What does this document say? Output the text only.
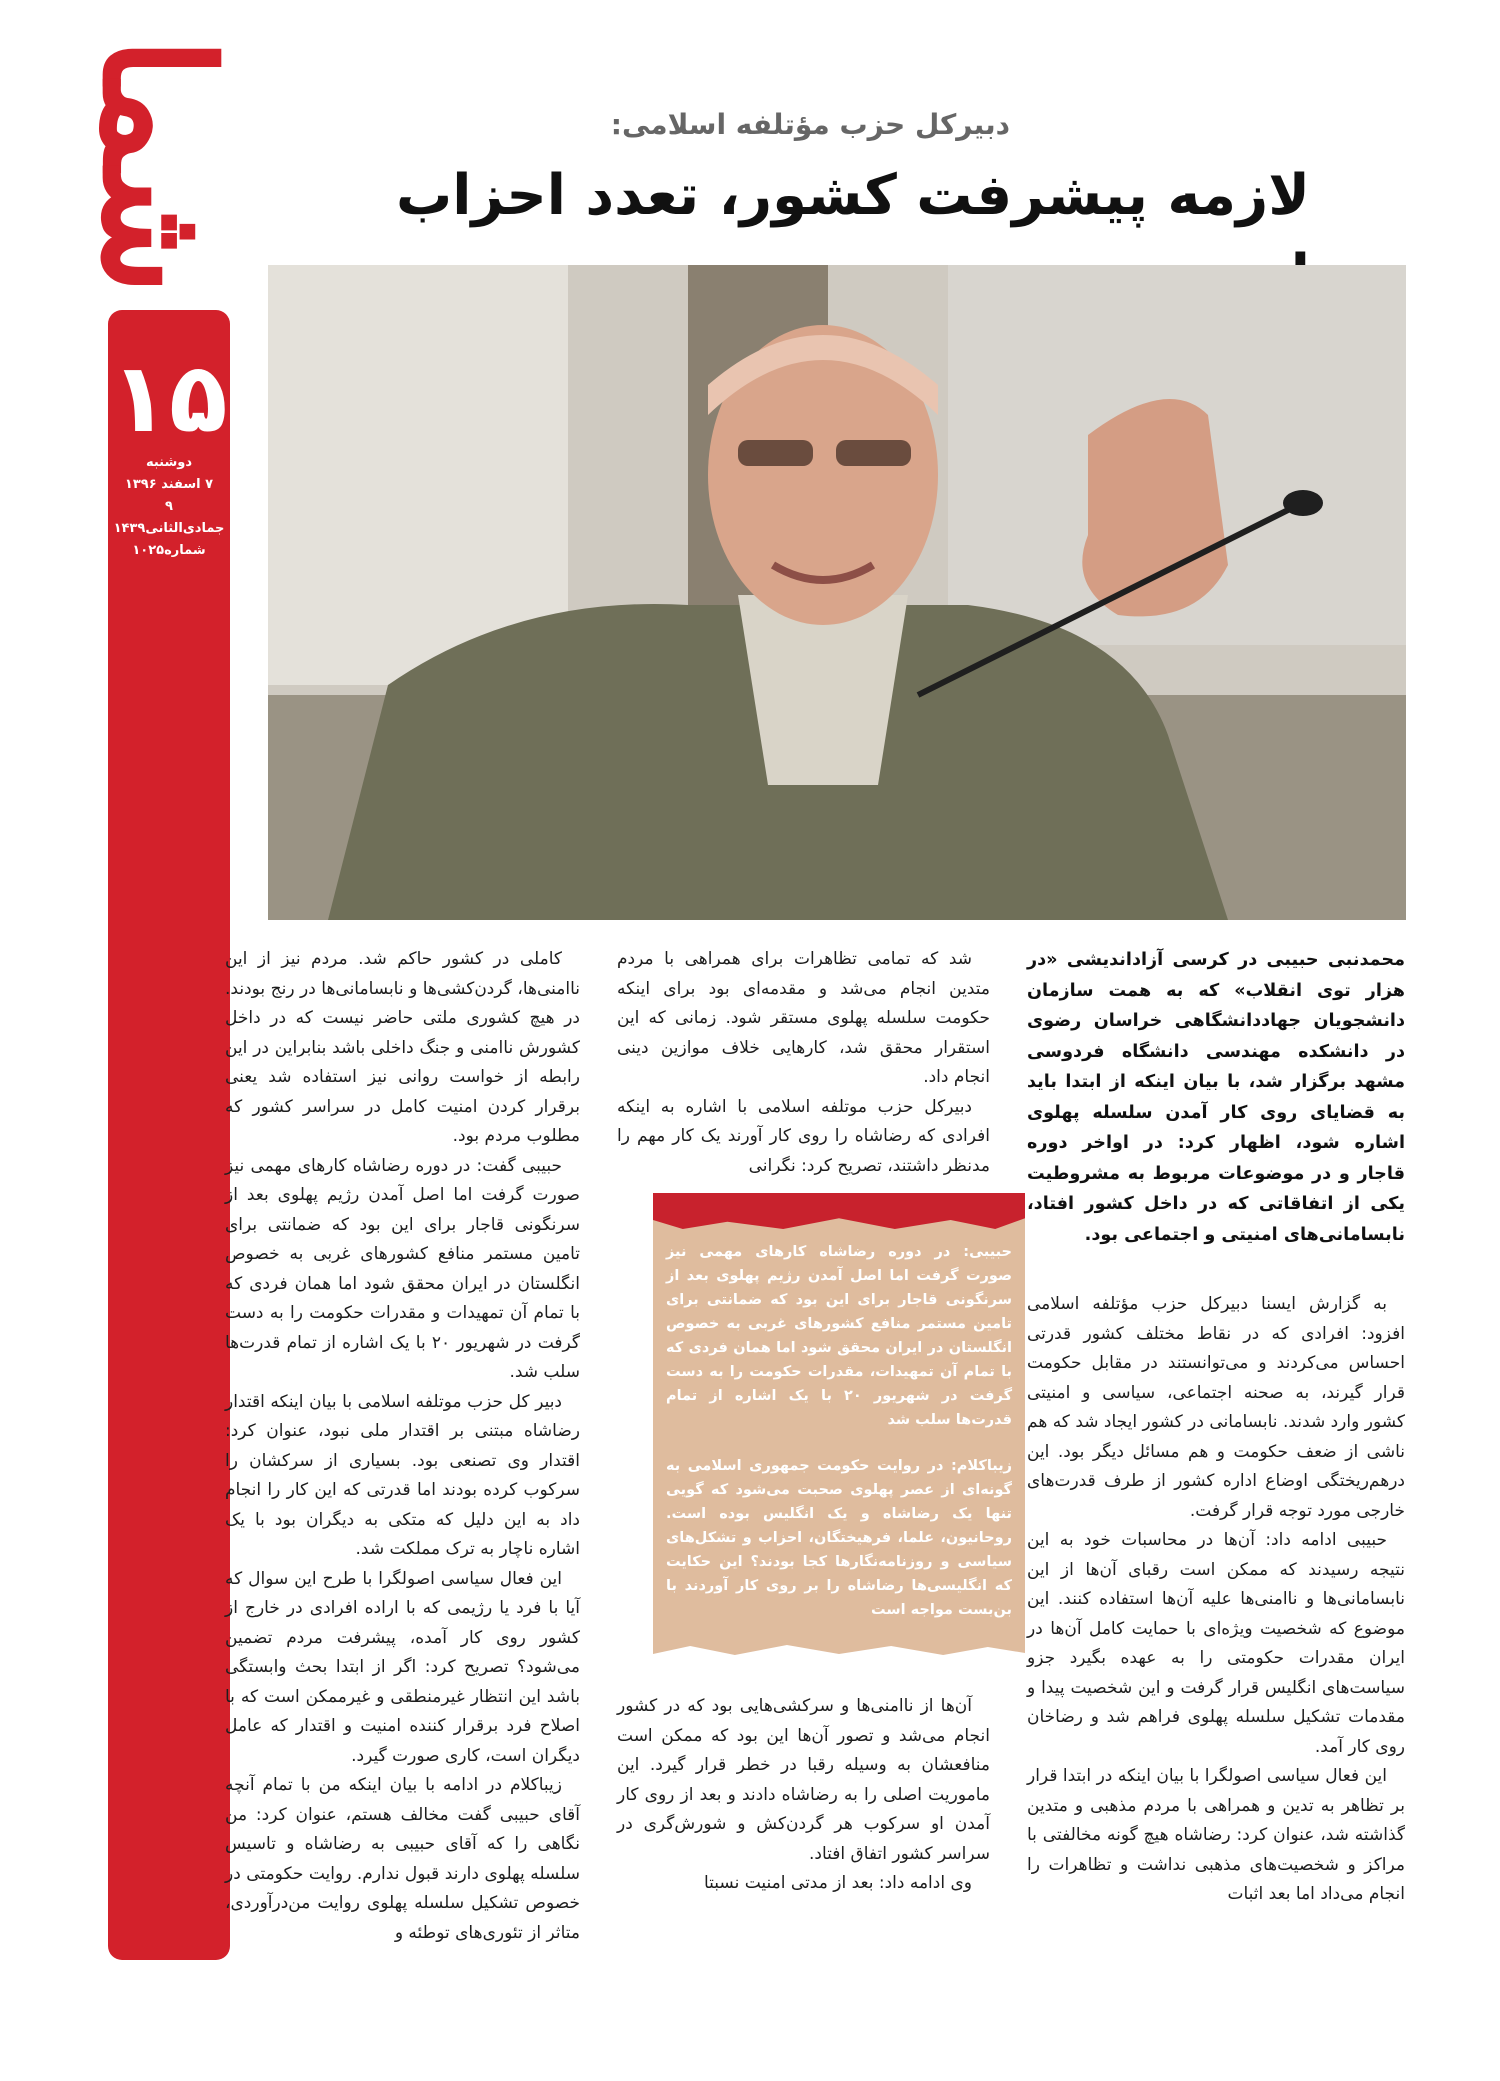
شما
۱۵
دوشنبه
۷ اسفند ۱۳۹۶
۹ جمادی‌الثانی۱۴۳۹
شماره۱۰۲۵
دبیرکل حزب مؤتلفه اسلامی:
لازمه پیشرفت کشور، تعدد احزاب

محمدنبی حبیبی در کرسی آزاداندیشی «در هزار توی انقلاب» که به همت سازمان دانشجویان جهاددانشگاهی خراسان رضوی در دانشکده مهندسی دانشگاه فردوسی مشهد برگزار شد، با بیان اینکه از ابتدا باید به قضایای روی کار آمدن سلسله پهلوی اشاره شود، اظهار کرد: در اواخر دوره قاجار و در موضوعات مربوط به مشروطیت یکی از اتفاقاتی که در داخل کشور افتاد، نابسامانی‌های امنیتی و اجتماعی بود.

به گزارش ایسنا دبیرکل حزب مؤتلفه اسلامی افزود: افرادی که در نقاط مختلف کشور قدرتی احساس می‌کردند و می‌توانستند در مقابل حکومت قرار گیرند، به صحنه اجتماعی، سیاسی و امنیتی کشور وارد شدند. نابسامانی در کشور ایجاد شد که هم ناشی از ضعف حکومت و هم مسائل دیگر بود. این درهم‌ریختگی اوضاع اداره کشور از طرف قدرت‌های خارجی مورد توجه قرار گرفت.

حبیبی ادامه داد: آن‌ها در محاسبات خود به این نتیجه رسیدند که ممکن است رقبای آن‌ها از این نابسامانی‌ها و ناامنی‌ها علیه آن‌ها استفاده کنند. این موضوع که شخصیت ویژه‌ای با حمایت کامل آن‌ها در ایران مقدرات حکومتی را به عهده بگیرد جزو سیاست‌های انگلیس قرار گرفت و این شخصیت پیدا و مقدمات تشکیل سلسله پهلوی فراهم شد و رضاخان روی کار آمد.

این فعال سیاسی اصولگرا با بیان اینکه در ابتدا قرار بر تظاهر به تدین و همراهی با مردم مذهبی و متدین گذاشته شد، عنوان کرد: رضاشاه هیچ گونه مخالفتی با مراکز و شخصیت‌های مذهبی نداشت و تظاهرات را انجام می‌داد اما بعد اثبات

شد که تمامی تظاهرات برای همراهی با مردم متدین انجام می‌شد و مقدمه‌ای بود برای اینکه حکومت سلسله پهلوی مستقر شود. زمانی که این استقرار محقق شد، کارهایی خلاف موازین دینی انجام داد.

دبیرکل حزب موتلفه اسلامی با اشاره به اینکه افرادی که رضاشاه را روی کار آورند یک کار مهم را مدنظر داشتند، تصریح کرد: نگرانی

حبیبی: در دوره رضاشاه کارهای مهمی نیز صورت گرفت اما اصل آمدن رژیم پهلوی بعد از سرنگونی قاجار برای این بود که ضمانتی برای تامین مستمر منافع کشورهای غربی به خصوص انگلستان در ایران محقق شود اما همان فردی که با تمام آن تمهیدات، مقدرات حکومت را به دست گرفت در شهریور ۲۰ با یک اشاره از تمام قدرت‌ها سلب شد

زیباکلام: در روایت حکومت جمهوری اسلامی به گونه‌ای از عصر پهلوی صحبت می‌شود که گویی تنها یک رضاشاه و یک انگلیس بوده است. روحانیون، علما، فرهیختگان، احزاب و تشکل‌های سیاسی و روزنامه‌نگارها کجا بودند؟ این حکایت که انگلیسی‌ها رضاشاه را بر روی کار آوردند با بن‌بست مواجه است

آن‌ها از ناامنی‌ها و سرکشی‌هایی بود که در کشور انجام می‌شد و تصور آن‌ها این بود که ممکن است منافعشان به وسیله رقبا در خطر قرار گیرد. این ماموریت اصلی را به رضاشاه دادند و بعد از روی کار آمدن او سرکوب هر گردن‌کش و شورش‌گری در سراسر کشور اتفاق افتاد.

وی ادامه داد: بعد از مدتی امنیت نسبتا

کاملی در کشور حاکم شد. مردم نیز از این ناامنی‌ها، گردن‌کشی‌ها و نابسامانی‌ها در رنج بودند. در هیچ کشوری ملتی حاضر نیست که در داخل کشورش ناامنی و جنگ داخلی باشد بنابراین در این رابطه از خواست روانی نیز استفاده شد یعنی برقرار کردن امنیت کامل در سراسر کشور که مطلوب مردم بود.

حبیبی گفت: در دوره رضاشاه کارهای مهمی نیز صورت گرفت اما اصل آمدن رژیم پهلوی بعد از سرنگونی قاجار برای این بود که ضمانتی برای تامین مستمر منافع کشورهای غربی به خصوص انگلستان در ایران محقق شود اما همان فردی که با تمام آن تمهیدات و مقدرات حکومت را به دست گرفت در شهریور ۲۰ با یک اشاره از تمام قدرت‌ها سلب شد.

دبیر کل حزب موتلفه اسلامی با بیان اینکه اقتدار رضاشاه مبتنی بر اقتدار ملی نبود، عنوان کرد: اقتدار وی تصنعی بود. بسیاری از سرکشان را سرکوب کرده بودند اما قدرتی که این کار را انجام داد به این دلیل که متکی به دیگران بود با یک اشاره ناچار به ترک مملکت شد.

این فعال سیاسی اصولگرا با طرح این سوال که آیا با فرد یا رژیمی که با اراده افرادی در خارج از کشور روی کار آمده، پیشرفت مردم تضمین می‌شود؟ تصریح کرد: اگر از ابتدا بحث وابستگی باشد این انتظار غیرمنطقی و غیرممکن است که با اصلاح فرد برقرار کننده امنیت و اقتدار که عامل دیگران است، کاری صورت گیرد.

زیباکلام در ادامه با بیان اینکه من با تمام آنچه آقای حبیبی گفت مخالف هستم، عنوان کرد: من نگاهی را که آقای حبیبی به رضاشاه و تاسیس سلسله پهلوی دارند قبول ندارم. روایت حکومتی در خصوص تشکیل سلسله پهلوی روایت من‌درآوردی، متاثر از تئوری‌های توطئه و
